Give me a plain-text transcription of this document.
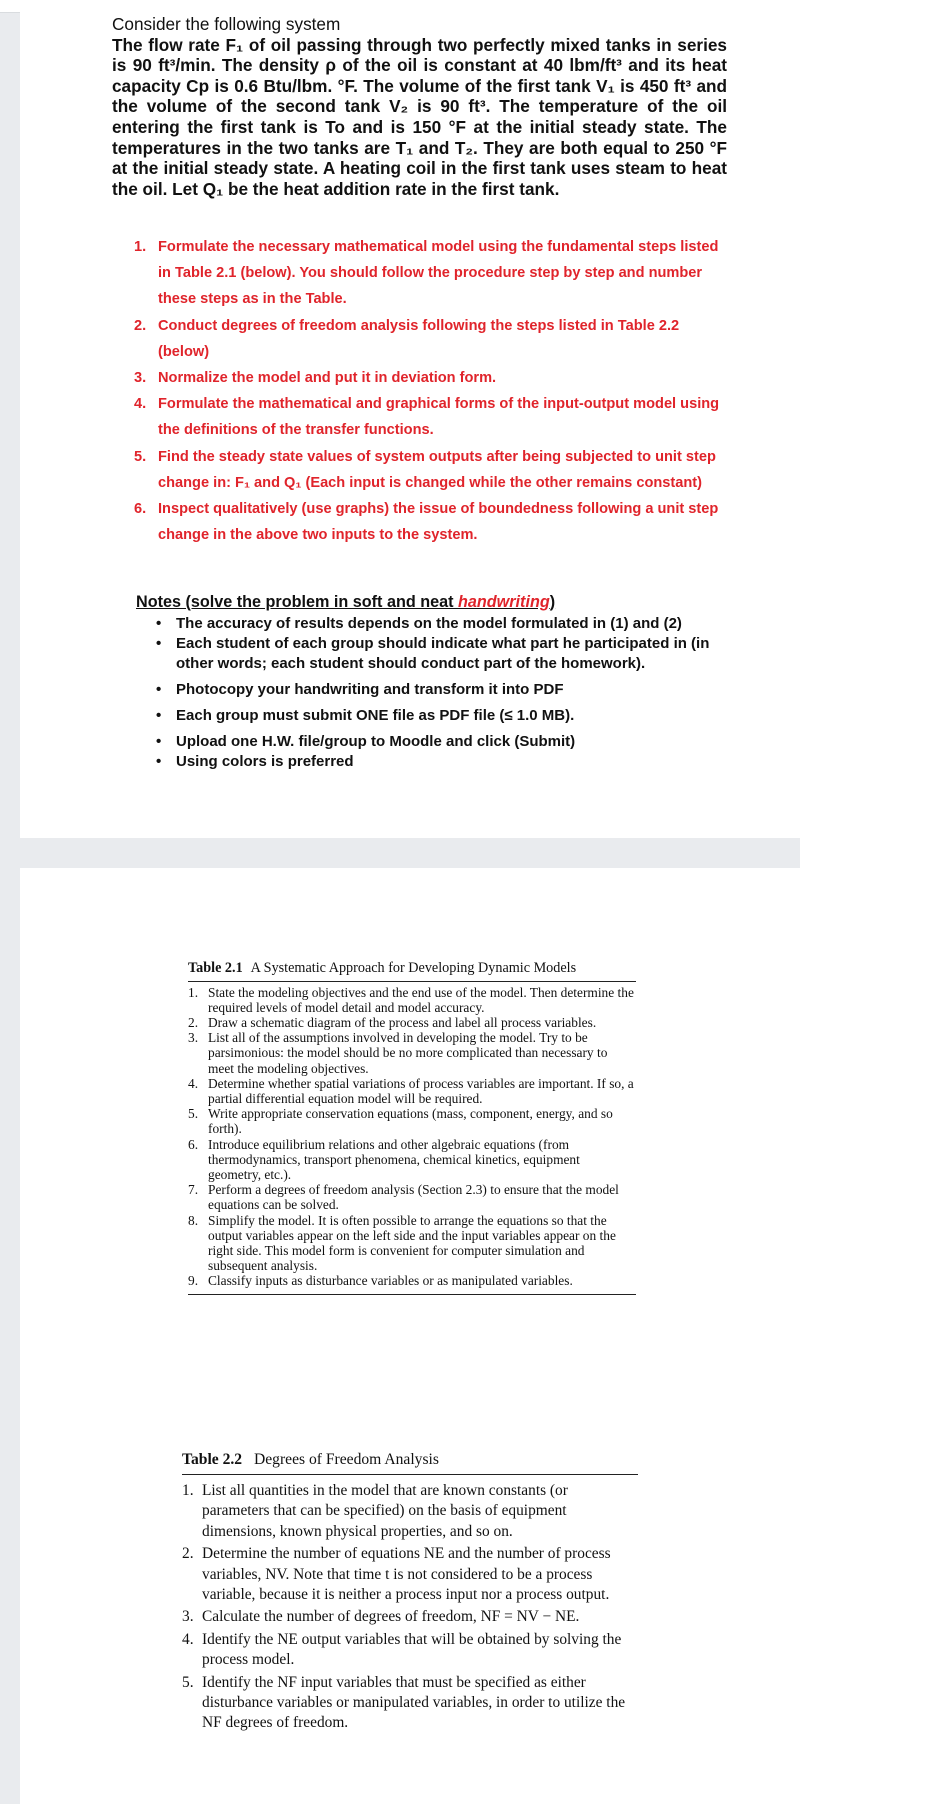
Consider the following system
The flow rate F₁ of oil passing through two perfectly mixed tanks in series is 90 ft³/min. The density ρ of the oil is constant at 40 lbm/ft³ and its heat capacity Cp is 0.6 Btu/lbm. °F. The volume of the first tank V₁ is 450 ft³ and the volume of the second tank V₂ is 90 ft³. The temperature of the oil entering the first tank is To and is 150 °F at the initial steady state. The temperatures in the two tanks are T₁ and T₂. They are both equal to 250 °F at the initial steady state. A heating coil in the first tank uses steam to heat the oil. Let Q₁ be the heat addition rate in the first tank.
1. Formulate the necessary mathematical model using the fundamental steps listed in Table 2.1 (below). You should follow the procedure step by step and number these steps as in the Table.
2. Conduct degrees of freedom analysis following the steps listed in Table 2.2 (below)
3. Normalize the model and put it in deviation form.
4. Formulate the mathematical and graphical forms of the input-output model using the definitions of the transfer functions.
5. Find the steady state values of system outputs after being subjected to unit step change in: F₁ and Q₁ (Each input is changed while the other remains constant)
6. Inspect qualitatively (use graphs) the issue of boundedness following a unit step change in the above two inputs to the system.
Notes (solve the problem in soft and neat handwriting)
• The accuracy of results depends on the model formulated in (1) and (2)
• Each student of each group should indicate what part he participated in (in other words; each student should conduct part of the homework).
• Photocopy your handwriting and transform it into PDF
• Each group must submit ONE file as PDF file (≤ 1.0 MB).
• Upload one H.W. file/group to Moodle and click (Submit)
• Using colors is preferred
Table 2.1 A Systematic Approach for Developing Dynamic Models
1. State the modeling objectives and the end use of the model. Then determine the required levels of model detail and model accuracy.
2. Draw a schematic diagram of the process and label all process variables.
3. List all of the assumptions involved in developing the model. Try to be parsimonious: the model should be no more complicated than necessary to meet the modeling objectives.
4. Determine whether spatial variations of process variables are important. If so, a partial differential equation model will be required.
5. Write appropriate conservation equations (mass, component, energy, and so forth).
6. Introduce equilibrium relations and other algebraic equations (from thermodynamics, transport phenomena, chemical kinetics, equipment geometry, etc.).
7. Perform a degrees of freedom analysis (Section 2.3) to ensure that the model equations can be solved.
8. Simplify the model. It is often possible to arrange the equations so that the output variables appear on the left side and the input variables appear on the right side. This model form is convenient for computer simulation and subsequent analysis.
9. Classify inputs as disturbance variables or as manipulated variables.
Table 2.2 Degrees of Freedom Analysis
1. List all quantities in the model that are known constants (or parameters that can be specified) on the basis of equipment dimensions, known physical properties, and so on.
2. Determine the number of equations NE and the number of process variables, NV. Note that time t is not considered to be a process variable, because it is neither a process input nor a process output.
3. Calculate the number of degrees of freedom, NF = NV − NE.
4. Identify the NE output variables that will be obtained by solving the process model.
5. Identify the NF input variables that must be specified as either disturbance variables or manipulated variables, in order to utilize the NF degrees of freedom.
